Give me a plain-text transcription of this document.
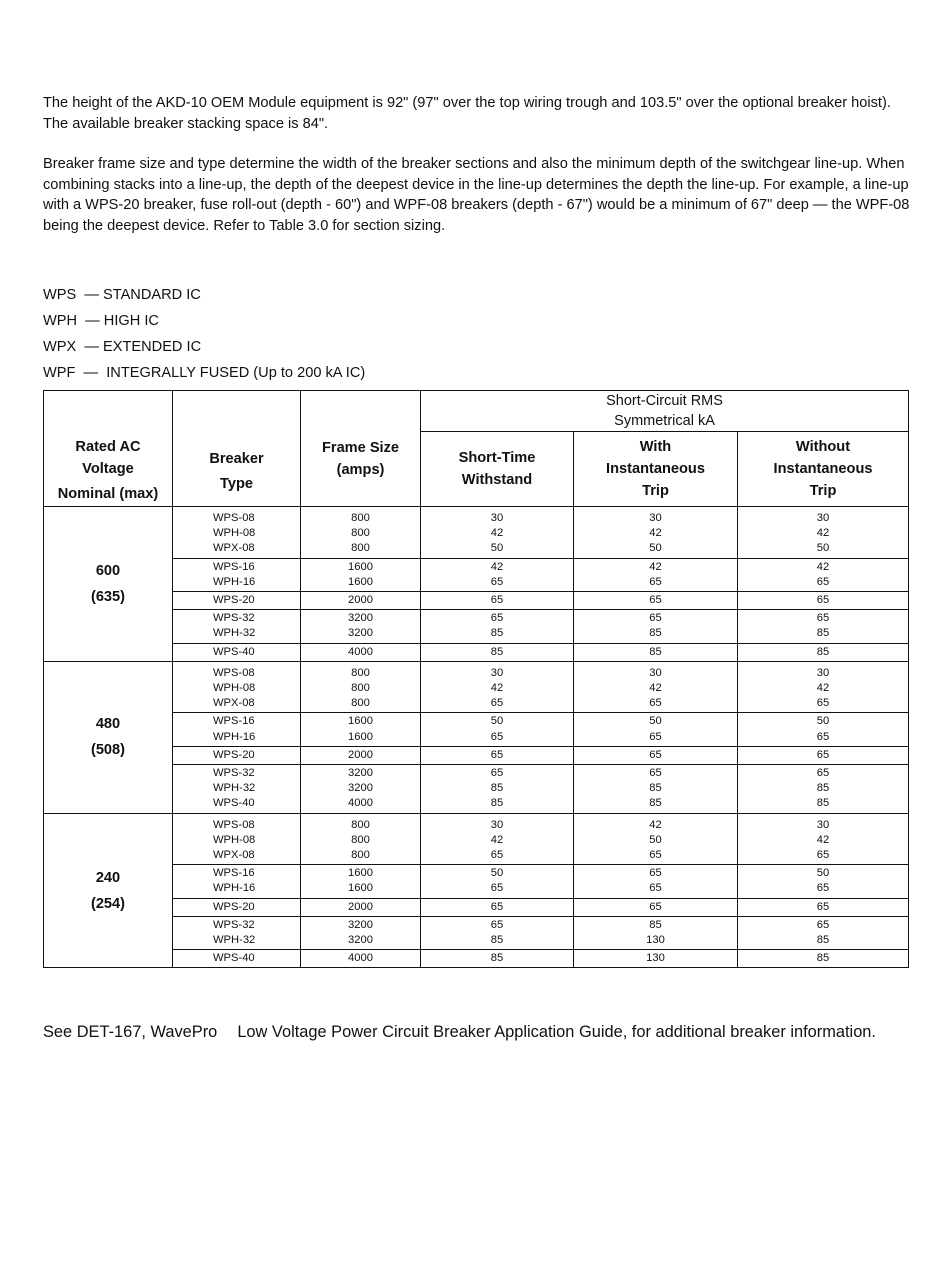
The height of the AKD-10 OEM Module equipment is 92" (97" over the top wiring trough and 103.5" over the optional breaker hoist). The available breaker stacking space is 84".

Breaker frame size and type determine the width of the breaker sections and also the minimum depth of the switchgear line-up. When combining stacks into a line-up, the depth of the deepest device in the line-up determines the depth the line-up. For example, a line-up with a WPS-20 breaker, fuse roll-out (depth - 60") and WPF-08 breakers (depth - 67") would be a minimum of 67" deep — the WPF-08 being the deepest device. Refer to Table 3.0 for section sizing.

WPS  — STANDARD IC
WPH  — HIGH IC
WPX  — EXTENDED IC
WPF  —  INTEGRALLY FUSED (Up to 200 kA IC)
Rated AC
Voltage
Nominal (max)	Breaker
Type	Frame Size
(amps)	Short-Circuit RMS
Symmetrical kA		

			Short-Time
Withstand	With
Instantaneous
Trip	Without
Instantaneous
Trip

600
(635)	WPS-08
WPH-08
WPX-08	800
800
800	30
42
50	30
42
50	30
42
50

	WPS-16
WPH-16	1600
1600	42
65	42
65	42
65

	WPS-20	2000	65	65	65

	WPS-32
WPH-32	3200
3200	65
85	65
85	65
85

	WPS-40	4000	85	85	85

480
(508)	WPS-08
WPH-08
WPX-08	800
800
800	30
42
65	30
42
65	30
42
65

	WPS-16
WPH-16	1600
1600	50
65	50
65	50
65

	WPS-20	2000	65	65	65

	WPS-32
WPH-32
WPS-40	3200
3200
4000	65
85
85	65
85
85	65
85
85

240
(254)	WPS-08
WPH-08
WPX-08	800
800
800	30
42
65	42
50
65	30
42
65

	WPS-16
WPH-16	1600
1600	50
65	65
65	50
65

	WPS-20	2000	65	65	65

	WPS-32
WPH-32	3200
3200	65
85	85
130	65
85

	WPS-40	4000	85	130	85

See DET-167, WavePro Low Voltage Power Circuit Breaker Application Guide, for additional breaker information.
